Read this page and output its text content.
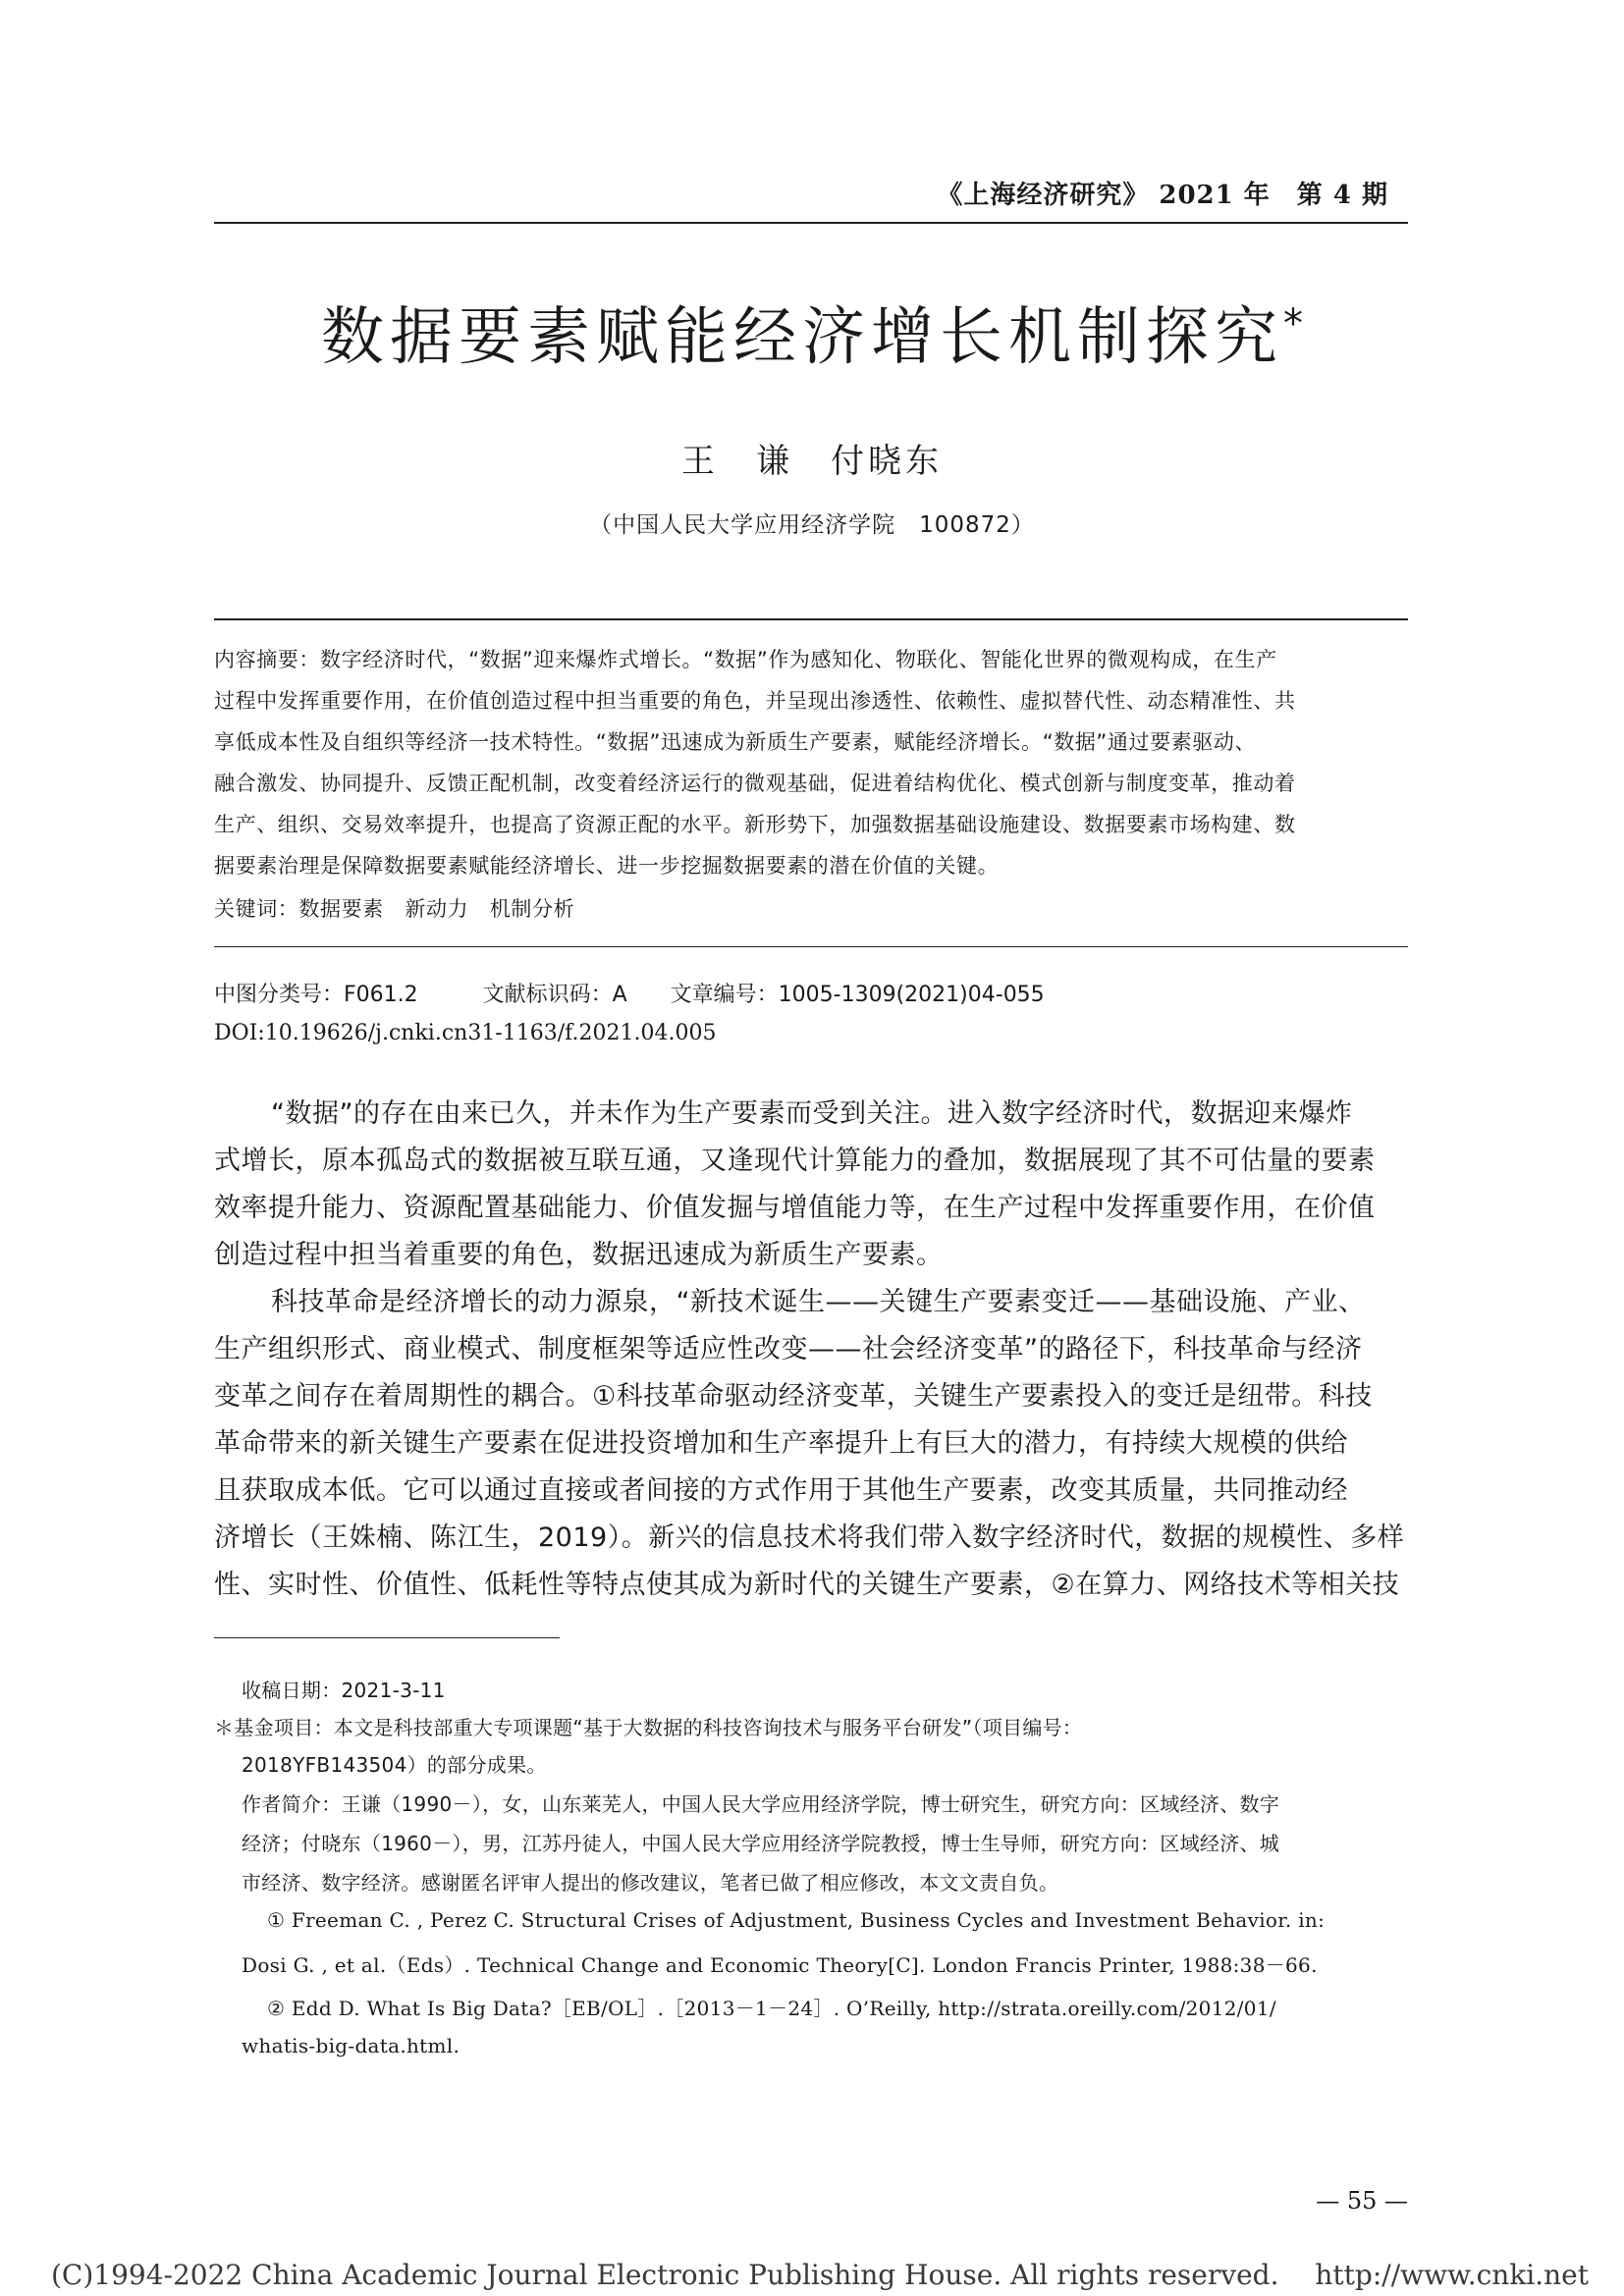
《上海经济研究》 2021 年　第 4 期
数据要素赋能经济增长机制探究*
王　谦　付晓东
（中国人民大学应用经济学院　100872）
内容摘要：数字经济时代，“数据”迎来爆炸式增长。“数据”作为感知化、物联化、智能化世界的微观构成，在生产
过程中发挥重要作用，在价值创造过程中担当重要的角色，并呈现出渗透性、依赖性、虚拟替代性、动态精准性、共
享低成本性及自组织等经济一技术特性。“数据”迅速成为新质生产要素，赋能经济增长。“数据”通过要素驱动、
融合激发、协同提升、反馈正配机制，改变着经济运行的微观基础，促进着结构优化、模式创新与制度变革，推动着
生产、组织、交易效率提升，也提高了资源正配的水平。新形势下，加强数据基础设施建设、数据要素市场构建、数
据要素治理是保障数据要素赋能经济增长、进一步挖掘数据要素的潜在价值的关键。
关键词：数据要素　新动力　机制分析
中图分类号：F061.2　　　文献标识码：A　　文章编号：1005-1309(2021)04-055
DOI:10.19626/j.cnki.cn31-1163/f.2021.04.005
“数据”的存在由来已久，并未作为生产要素而受到关注。进入数字经济时代，数据迎来爆炸
式增长，原本孤岛式的数据被互联互通，又逢现代计算能力的叠加，数据展现了其不可估量的要素
效率提升能力、资源配置基础能力、价值发掘与增值能力等，在生产过程中发挥重要作用，在价值
创造过程中担当着重要的角色，数据迅速成为新质生产要素。
科技革命是经济增长的动力源泉，“新技术诞生——关键生产要素变迁——基础设施、产业、
生产组织形式、商业模式、制度框架等适应性改变——社会经济变革”的路径下，科技革命与经济
变革之间存在着周期性的耦合。①科技革命驱动经济变革，关键生产要素投入的变迁是纽带。科技
革命带来的新关键生产要素在促进投资增加和生产率提升上有巨大的潜力，有持续大规模的供给
且获取成本低。它可以通过直接或者间接的方式作用于其他生产要素，改变其质量，共同推动经
济增长（王姝楠、陈江生，2019）。新兴的信息技术将我们带入数字经济时代，数据的规模性、多样
性、实时性、价值性、低耗性等特点使其成为新时代的关键生产要素，②在算力、网络技术等相关技
收稿日期：2021-3-11
＊基金项目：本文是科技部重大专项课题“基于大数据的科技咨询技术与服务平台研发”（项目编号：
2018YFB143504）的部分成果。
作者简介：王谦（1990－），女，山东莱芜人，中国人民大学应用经济学院，博士研究生，研究方向：区域经济、数字
经济；付晓东（1960－），男，江苏丹徒人，中国人民大学应用经济学院教授，博士生导师，研究方向：区域经济、城
市经济、数字经济。感谢匿名评审人提出的修改建议，笔者已做了相应修改，本文文责自负。
① Freeman C. , Perez C. Structural Crises of Adjustment, Business Cycles and Investment Behavior. in:
Dosi G. , et al.（Eds）. Technical Change and Economic Theory[C]. London Francis Printer, 1988:38－66.
② Edd D. What Is Big Data?［EB/OL］.［2013－1－24］. O’Reilly, http://strata.oreilly.com/2012/01/
whatis-big-data.html.
— 55 —
(C)1994-2022 China Academic Journal Electronic Publishing House. All rights reserved.　 http://www.cnki.net
